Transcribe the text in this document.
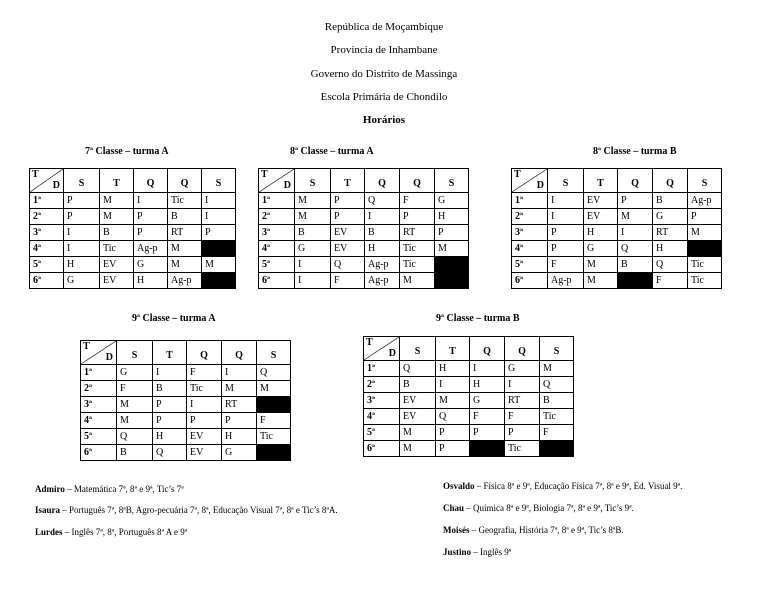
República de Moçambique
Província de Inhambane
Governo do Distrito de Massinga
Escola Primária de Chondilo
Horários
7ª Classe – turma A
T
D	S	T	Q	Q	S
1ª	P	M	I	Tic	I
2ª	P	M	P	B	I
3ª	I	B	P	RT	P
4ª	I	Tic	Ag-p	M	
5ª	H	EV	G	M	M
6ª	G	EV	H	Ag-p	
8ª Classe – turma A
T
D	S	T	Q	Q	S
1ª	M	P	Q	F	G
2ª	M	P	I	P	H
3ª	B	EV	B	RT	P
4ª	G	EV	H	Tic	M
5ª	I	Q	Ag-p	Tic	
6ª	I	F	Ag-p	M	
8ª Classe – turma B
T
D	S	T	Q	Q	S
1ª	I	EV	P	B	Ag-p
2ª	I	EV	M	G	P
3ª	P	H	I	RT	M
4ª	P	G	Q	H	
5ª	F	M	B	Q	Tic
6ª	Ag-p	M		F	Tic
9ª Classe – turma A
T
D	S	T	Q	Q	S
1ª	G	I	F	I	Q
2ª	F	B	Tic	M	M
3ª	M	P	I	RT	
4ª	M	P	P	P	F
5ª	Q	H	EV	H	Tic
6ª	B	Q	EV	G	
9ª Classe – turma B
T
D	S	T	Q	Q	S
1ª	Q	H	I	G	M
2ª	B	I	H	I	Q
3ª	EV	M	G	RT	B
4ª	EV	Q	F	F	Tic
5ª	M	P	P	P	F
6ª	M	P		Tic	
Admiro – Matemática 7ª, 8ª e 9ª, Tic’s 7ª
Isaura – Português 7ª, 8ªB, Agro-pecuária 7ª, 8ª, Educação Visual 7ª, 8ª e Tic’s 8ªA.
Lurdes – Inglês 7ª, 8ª, Português 8ª A e 9ª
Osvaldo – Física 8ª e 9ª, Educação Física 7ª, 8ª e 9ª, Ed. Visual 9ª.
Chau – Química 8ª e 9ª, Biologia 7ª, 8ª e 9ª, Tic’s 9ª.
Moisés – Geografia, História 7ª, 8ª e 9ª, Tic’s 8ªB.
Justino – Inglês 9ª
